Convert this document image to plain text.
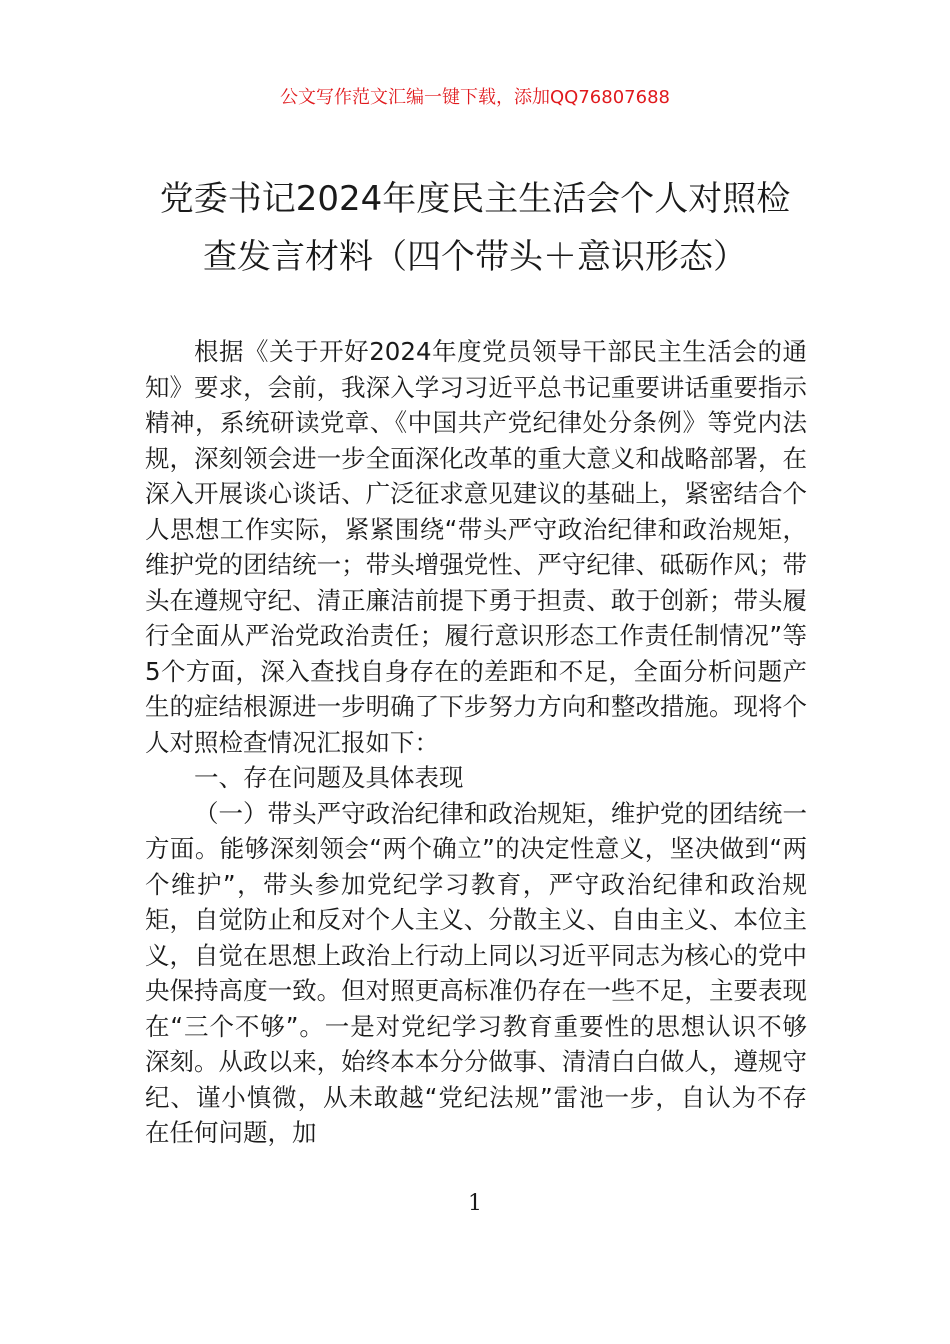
公文写作范文汇编一键下载，添加QQ76807688
党委书记2024年度民主生活会个人对照检
查发言材料（四个带头＋意识形态）

根据《关于开好2024年度党员领导干部民主生活会的通知》要求，会前，我深入学习习近平总书记重要讲话重要指示精神，系统研读党章、《中国共产党纪律处分条例》等党内法规，深刻领会进一步全面深化改革的重大意义和战略部署，在深入开展谈心谈话、广泛征求意见建议的基础上，紧密结合个人思想工作实际，紧紧围绕“带头严守政治纪律和政治规矩，维护党的团结统一；带头增强党性、严守纪律、砥砺作风；带头在遵规守纪、清正廉洁前提下勇于担责、敢于创新；带头履行全面从严治党政治责任；履行意识形态工作责任制情况”等5个方面，深入查找自身存在的差距和不足，全面分析问题产生的症结根源进一步明确了下步努力方向和整改措施。现将个人对照检查情况汇报如下：

一、存在问题及具体表现

（一）带头严守政治纪律和政治规矩，维护党的团结统一方面。能够深刻领会“两个确立”的决定性意义，坚决做到“两个维护”，带头参加党纪学习教育，严守政治纪律和政治规矩，自觉防止和反对个人主义、分散主义、自由主义、本位主义，自觉在思想上政治上行动上同以习近平同志为核心的党中央保持高度一致。但对照更高标准仍存在一些不足，主要表现在“三个不够”。一是对党纪学习教育重要性的思想认识不够深刻。从政以来，始终本本分分做事、清清白白做人，遵规守纪、谨小慎微，从未敢越“党纪法规”雷池一步，自认为不存在任何问题，加

1
